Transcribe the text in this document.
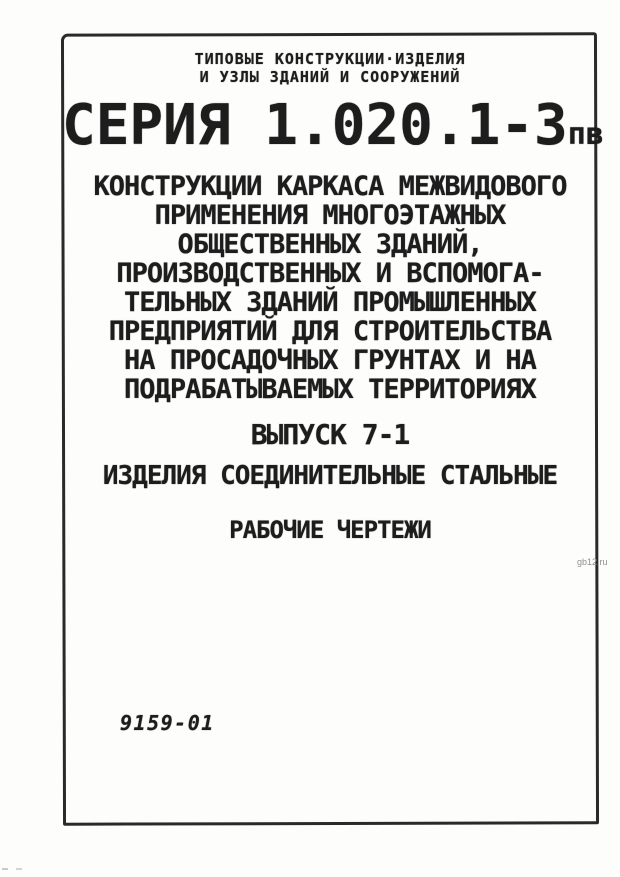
ТИПОВЫЕ КОНСТРУКЦИИ·ИЗДЕЛИЯ
И УЗЛЫ ЗДАНИЙ И СООРУЖЕНИЙ
СЕРИЯ 1.020.1-3пв
КОНСТРУКЦИИ КАРКАСА МЕЖВИДОВОГО
ПРИМЕНЕНИЯ МНОГОЭТАЖНЫХ
ОБЩЕСТВЕННЫХ ЗДАНИЙ,
ПРОИЗВОДСТВЕННЫХ И ВСПОМОГА-
ТЕЛЬНЫХ ЗДАНИЙ ПРОМЫШЛЕННЫХ
ПРЕДПРИЯТИЙ ДЛЯ СТРОИТЕЛЬСТВА
НА ПРОСАДОЧНЫХ ГРУНТАХ И НА
ПОДРАБАТЫВАЕМЫХ ТЕРРИТОРИЯХ
ВЫПУСК 7-1
ИЗДЕЛИЯ СОЕДИНИТЕЛЬНЫЕ СТАЛЬНЫЕ
РАБОЧИЕ ЧЕРТЕЖИ
gb12.ru
9159-01
